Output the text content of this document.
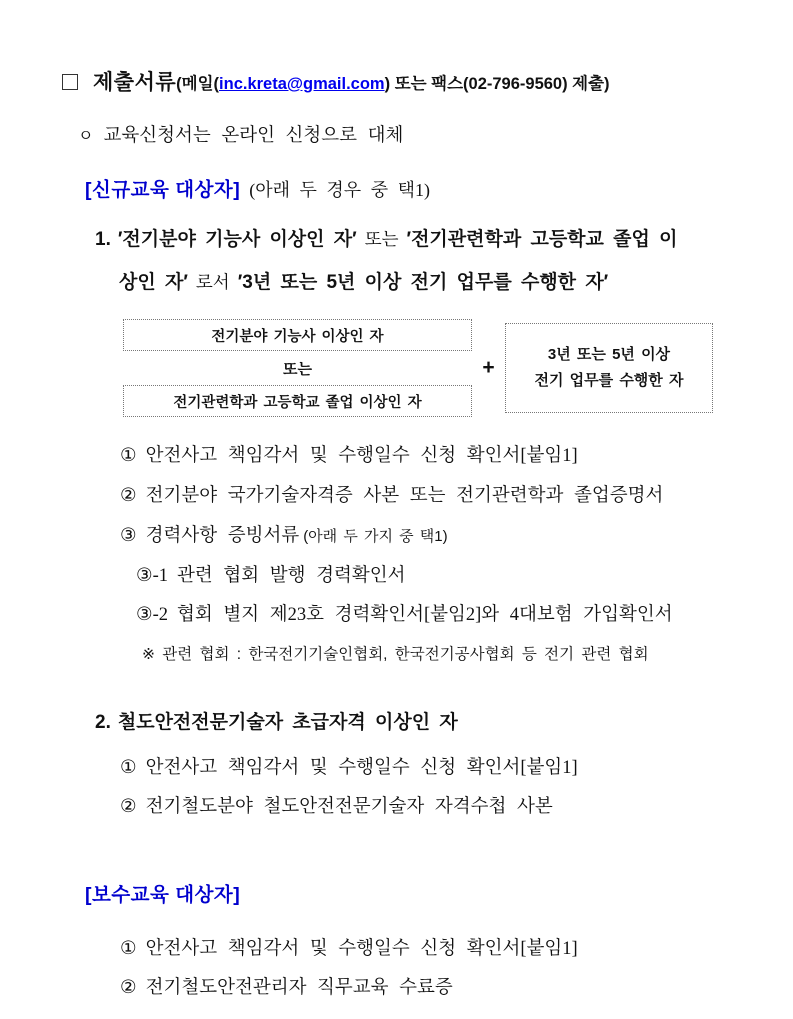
제출서류(메일(inc.kreta@gmail.com) 또는 팩스(02-796-9560) 제출)
ㅇ 교육신청서는 온라인 신청으로 대체
[신규교육 대상자] (아래 두 경우 중 택1)
1. ′전기분야 기능사 이상인 자′ 또는 ′전기관련학과 고등학교 졸업 이
상인 자′ 로서 ′3년 또는 5년 이상 전기 업무를 수행한 자′
전기분야 기능사 이상인 자
또는
전기관련학과 고등학교 졸업 이상인 자
+
3년 또는 5년 이상
전기 업무를 수행한 자
① 안전사고 책임각서 및 수행일수 신청 확인서[붙임1]
② 전기분야 국가기술자격증 사본 또는 전기관련학과 졸업증명서
③ 경력사항 증빙서류 (아래 두 가지 중 택1)
③-1 관련 협회 발행 경력확인서
③-2 협회 별지 제23호 경력확인서[붙임2]와 4대보험 가입확인서
※ 관련 협회 : 한국전기기술인협회, 한국전기공사협회 등 전기 관련 협회
2. 철도안전전문기술자 초급자격 이상인 자
① 안전사고 책임각서 및 수행일수 신청 확인서[붙임1]
② 전기철도분야 철도안전전문기술자 자격수첩 사본
[보수교육 대상자]
① 안전사고 책임각서 및 수행일수 신청 확인서[붙임1]
② 전기철도안전관리자 직무교육 수료증
